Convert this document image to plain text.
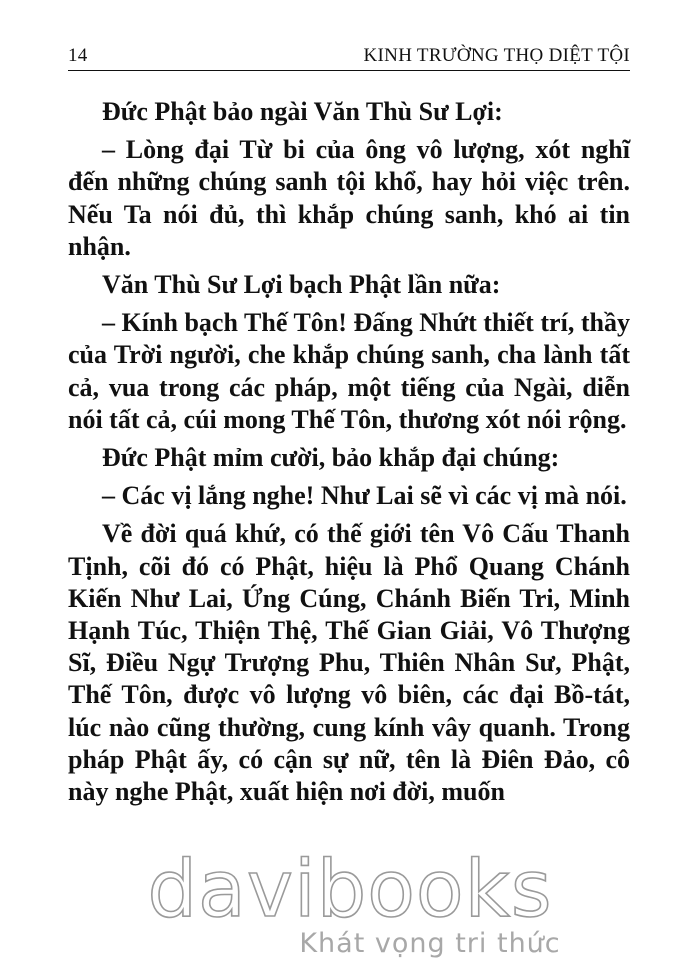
14	KINH TRƯỜNG THỌ DIỆT TỘI

Đức Phật bảo ngài Văn Thù Sư Lợi:

– Lòng đại Từ bi của ông vô lượng, xót nghĩ đến những chúng sanh tội khổ, hay hỏi việc trên. Nếu Ta nói đủ, thì khắp chúng sanh, khó ai tin nhận.

Văn Thù Sư Lợi bạch Phật lần nữa:

– Kính bạch Thế Tôn! Đấng Nhứt thiết trí, thầy của Trời người, che khắp chúng sanh, cha lành tất cả, vua trong các pháp, một tiếng của Ngài, diễn nói tất cả, cúi mong Thế Tôn, thương xót nói rộng.

Đức Phật mỉm cười, bảo khắp đại chúng:

– Các vị lắng nghe! Như Lai sẽ vì các vị mà nói.

Về đời quá khứ, có thế giới tên Vô Cấu Thanh Tịnh, cõi đó có Phật, hiệu là Phổ Quang Chánh Kiến Như Lai, Ứng Cúng, Chánh Biến Tri, Minh Hạnh Túc, Thiện Thệ, Thế Gian Giải, Vô Thượng Sĩ, Điều Ngự Trượng Phu, Thiên Nhân Sư, Phật, Thế Tôn, được vô lượng vô biên, các đại Bồ-tát, lúc nào cũng thường, cung kính vây quanh. Trong pháp Phật ấy, có cận sự nữ, tên là Điên Đảo, cô này nghe Phật, xuất hiện nơi đời, muốn

davibooks
Khát vọng tri thức
